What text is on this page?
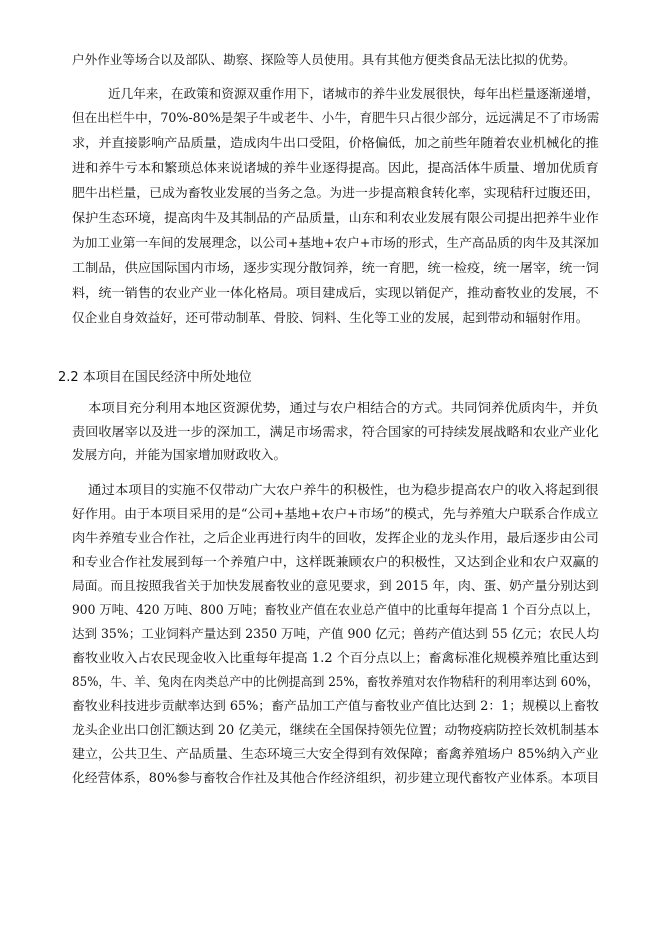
户外作业等场合以及部队、勘察、探险等人员使用。具有其他方便类食品无法比拟的优势。
近几年来，在政策和资源双重作用下，诸城市的养牛业发展很快，每年出栏量逐渐递增，
但在出栏牛中，70%-80%是架子牛或老牛、小牛，育肥牛只占很少部分，远远满足不了市场需
求，并直接影响产品质量，造成肉牛出口受阻，价格偏低，加之前些年随着农业机械化的推
进和养牛亏本和繁琐总体来说诸城的养牛业逐得提高。因此，提高活体牛质量、增加优质育
肥牛出栏量，已成为畜牧业发展的当务之急。为进一步提高粮食转化率，实现秸秆过腹还田，
保护生态环境，提高肉牛及其制品的产品质量，山东和利农业发展有限公司提出把养牛业作
为加工业第一车间的发展理念，以公司+基地+农户+市场的形式，生产高品质的肉牛及其深加
工制品，供应国际国内市场，逐步实现分散饲养，统一育肥，统一检疫，统一屠宰，统一饲
料，统一销售的农业产业一体化格局。项目建成后，实现以销促产，推动畜牧业的发展，不
仅企业自身效益好，还可带动制革、骨胶、饲料、生化等工业的发展，起到带动和辐射作用。
2.2 本项目在国民经济中所处地位
本项目充分利用本地区资源优势，通过与农户相结合的方式。共同饲养优质肉牛，并负
责回收屠宰以及进一步的深加工，满足市场需求，符合国家的可持续发展战略和农业产业化
发展方向，并能为国家增加财政收入。
通过本项目的实施不仅带动广大农户养牛的积极性，也为稳步提高农户的收入将起到很
好作用。由于本项目采用的是“公司+基地+农户+市场”的模式，先与养殖大户联系合作成立
肉牛养殖专业合作社，之后企业再进行肉牛的回收，发挥企业的龙头作用，最后逐步由公司
和专业合作社发展到每一个养殖户中，这样既兼顾农户的积极性，又达到企业和农户双赢的
局面。而且按照我省关于加快发展畜牧业的意见要求，到 2015 年，肉、蛋、奶产量分别达到
900 万吨、420 万吨、800 万吨；畜牧业产值在农业总产值中的比重每年提高 1 个百分点以上，
达到 35%；工业饲料产量达到 2350 万吨，产值 900 亿元；兽药产值达到 55 亿元；农民人均
畜牧业收入占农民现金收入比重每年提高 1.2 个百分点以上；畜禽标准化规模养殖比重达到
85%，牛、羊、兔肉在肉类总产中的比例提高到 25%，畜牧养殖对农作物秸秆的利用率达到 60%，
畜牧业科技进步贡献率达到 65%；畜产品加工产值与畜牧业产值比达到 2：1；规模以上畜牧
龙头企业出口创汇额达到 20 亿美元，继续在全国保持领先位置；动物疫病防控长效机制基本
建立，公共卫生、产品质量、生态环境三大安全得到有效保障；畜禽养殖场户 85%纳入产业
化经营体系，80%参与畜牧合作社及其他合作经济组织，初步建立现代畜牧产业体系。本项目
